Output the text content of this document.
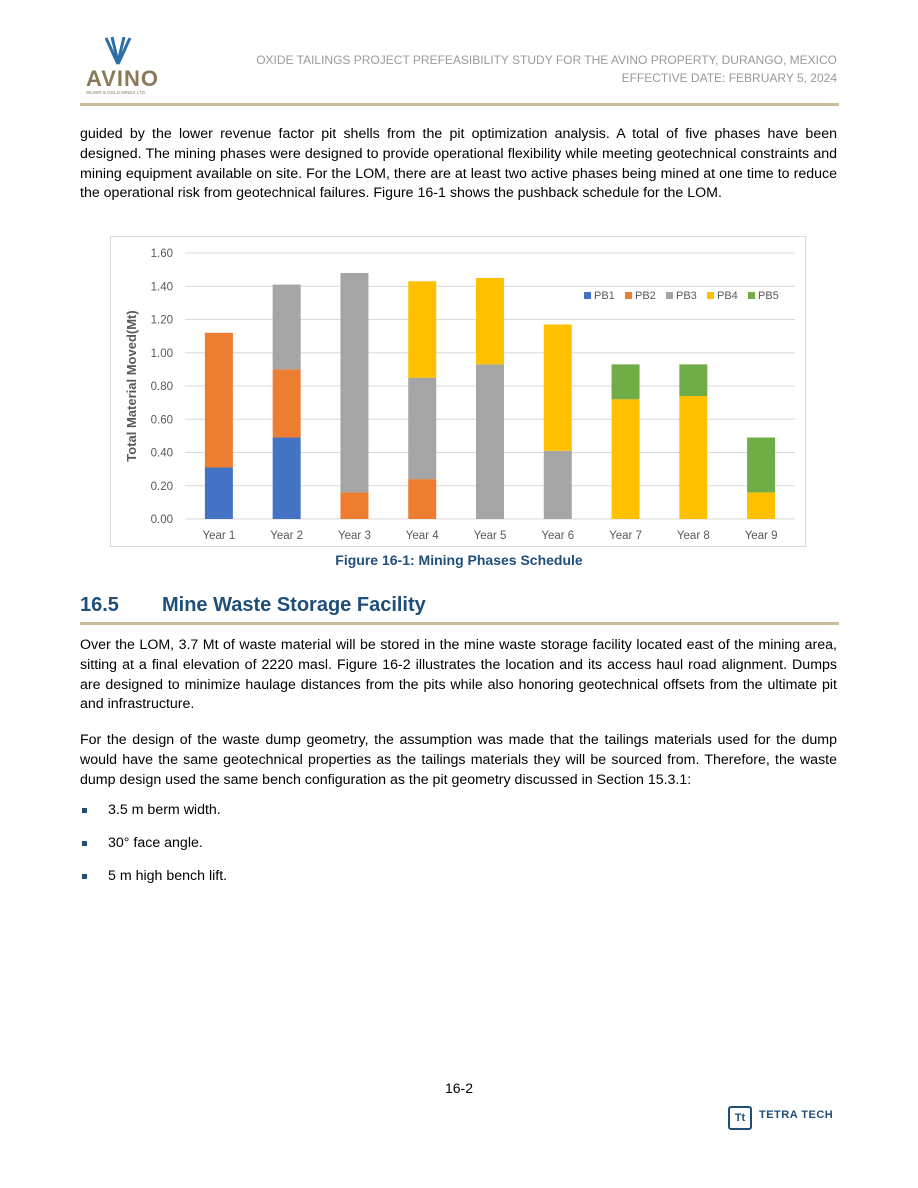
AVINO
SILVER & GOLD MINES LTD.
OXIDE TAILINGS PROJECT PREFEASIBILITY STUDY FOR THE AVINO PROPERTY, DURANGO, MEXICO
EFFECTIVE DATE: FEBRUARY 5, 2024

guided by the lower revenue factor pit shells from the pit optimization analysis. A total of five phases have been designed. The mining phases were designed to provide operational flexibility while meeting geotechnical constraints and mining equipment available on site. For the LOM, there are at least two active phases being mined at one time to reduce the operational risk from geotechnical failures. Figure 16-1 shows the pushback schedule for the LOM.

0.00
0.20
0.40
0.60
0.80
1.00
1.20
1.40
1.60
Year 1	Year 2	Year 3	Year 4	Year 5	Year 6	Year 7	Year 8	Year 9
Total Material Moved(Mt)
PB1 PB2 PB3 PB4 PB5
Figure 16-1: Mining Phases Schedule
16.5 Mine Waste Storage Facility

Over the LOM, 3.7 Mt of waste material will be stored in the mine waste storage facility located east of the mining area, sitting at a final elevation of 2220 masl. Figure 16-2 illustrates the location and its access haul road alignment. Dumps are designed to minimize haulage distances from the pits while also honoring geotechnical offsets from the ultimate pit and infrastructure.

For the design of the waste dump geometry, the assumption was made that the tailings materials used for the dump would have the same geotechnical properties as the tailings materials they will be sourced from. Therefore, the waste dump design used the same bench configuration as the pit geometry discussed in Section 15.3.1:

3.5 m berm width.
30° face angle.
5 m high bench lift.
16-2
Tt	TETRA TECH
